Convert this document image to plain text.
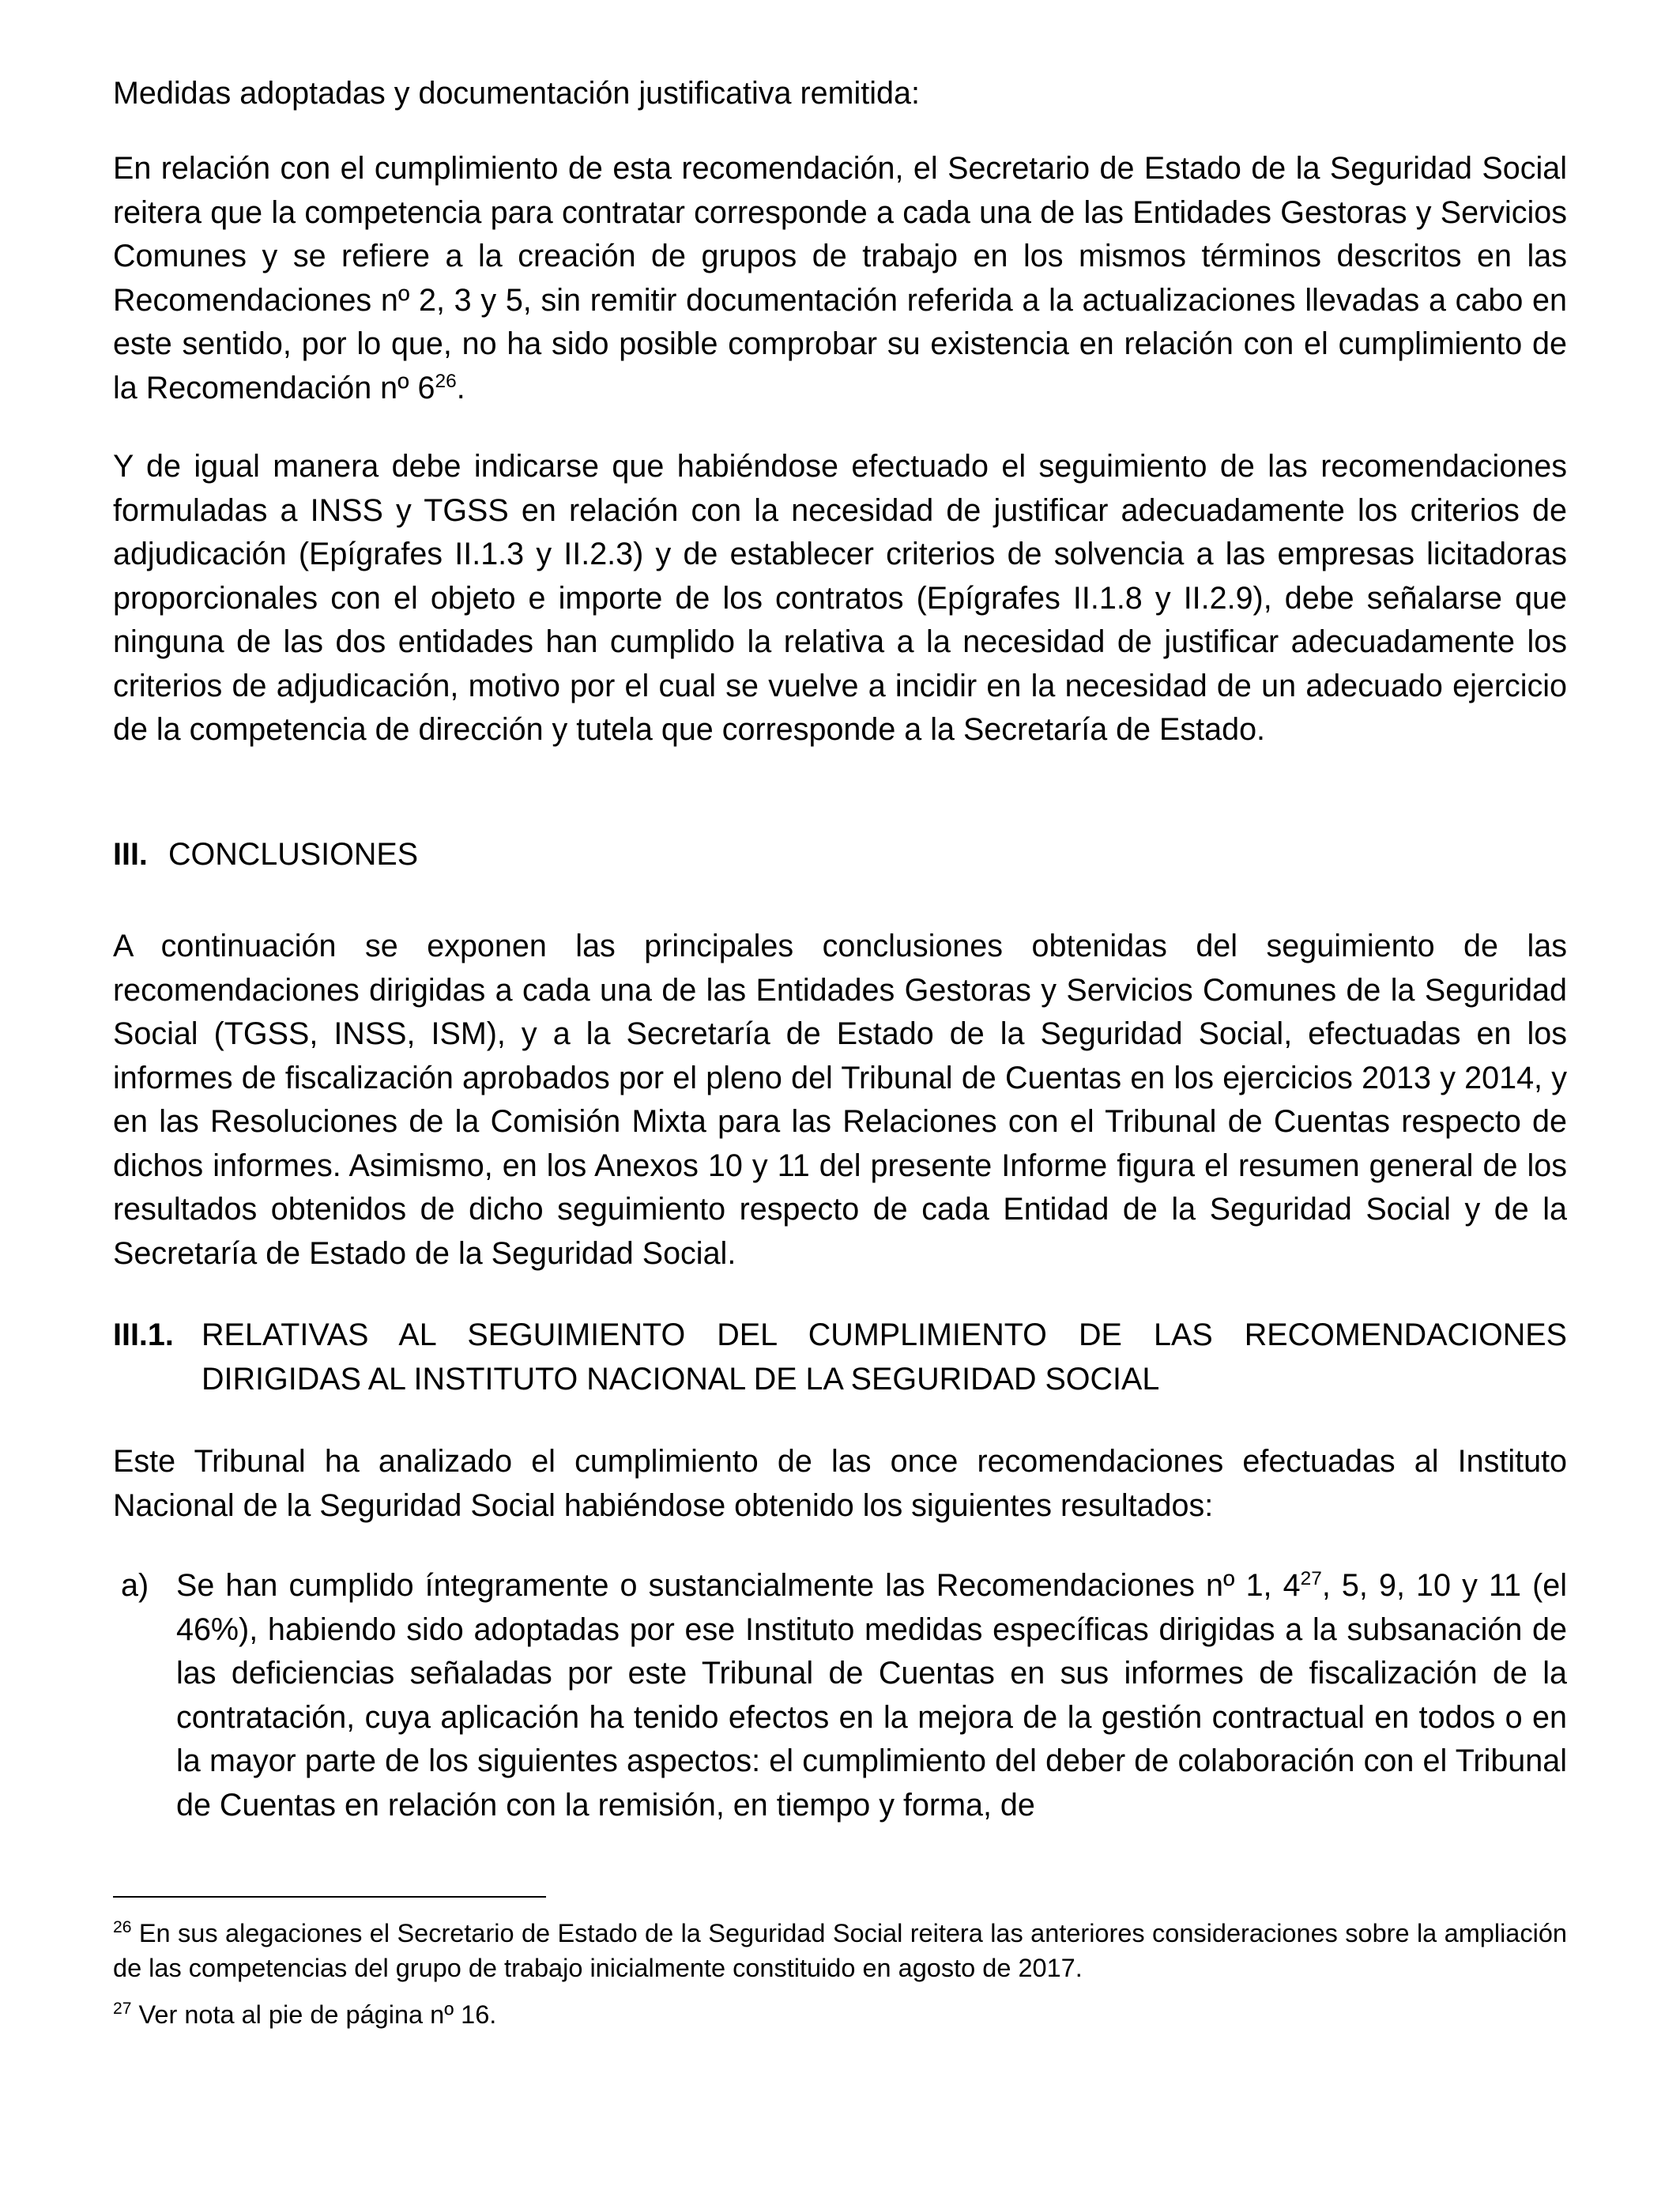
Medidas adoptadas y documentación justificativa remitida:

En relación con el cumplimiento de esta recomendación, el Secretario de Estado de la Seguridad Social reitera que la competencia para contratar corresponde a cada una de las Entidades Gestoras y Servicios Comunes y se refiere a la creación de grupos de trabajo en los mismos términos descritos en las Recomendaciones nº 2, 3 y 5, sin remitir documentación referida a la actualizaciones llevadas a cabo en este sentido, por lo que, no ha sido posible comprobar su existencia en relación con el cumplimiento de la Recomendación nº $6^{26}$.

Y de igual manera debe indicarse que habiéndose efectuado el seguimiento de las recomendaciones formuladas a INSS y TGSS en relación con la necesidad de justificar adecuadamente los criterios de adjudicación (Epígrafes II.1.3 y II.2.3) y de establecer criterios de solvencia a las empresas licitadoras proporcionales con el objeto e importe de los contratos (Epígrafes II.1.8 y II.2.9), debe señalarse que ninguna de las dos entidades han cumplido la relativa a la necesidad de justificar adecuadamente los criterios de adjudicación, motivo por el cual se vuelve a incidir en la necesidad de un adecuado ejercicio de la competencia de dirección y tutela que corresponde a la Secretaría de Estado.

III. CONCLUSIONES

A continuación se exponen las principales conclusiones obtenidas del seguimiento de las recomendaciones dirigidas a cada una de las Entidades Gestoras y Servicios Comunes de la Seguridad Social (TGSS, INSS, ISM), y a la Secretaría de Estado de la Seguridad Social, efectuadas en los informes de fiscalización aprobados por el pleno del Tribunal de Cuentas en los ejercicios 2013 y 2014, y en las Resoluciones de la Comisión Mixta para las Relaciones con el Tribunal de Cuentas respecto de dichos informes. Asimismo, en los Anexos 10 y 11 del presente Informe figura el resumen general de los resultados obtenidos de dicho seguimiento respecto de cada Entidad de la Seguridad Social y de la Secretaría de Estado de la Seguridad Social.

III.1. RELATIVAS AL SEGUIMIENTO DEL CUMPLIMIENTO DE LAS RECOMENDACIONES DIRIGIDAS AL INSTITUTO NACIONAL DE LA SEGURIDAD SOCIAL

Este Tribunal ha analizado el cumplimiento de las once recomendaciones efectuadas al Instituto Nacional de la Seguridad Social habiéndose obtenido los siguientes resultados:

a) Se han cumplido íntegramente o sustancialmente las Recomendaciones nº 1, $4^{27}$, 5, 9, 10 y 11 (el 46%), habiendo sido adoptadas por ese Instituto medidas específicas dirigidas a la subsanación de las deficiencias señaladas por este Tribunal de Cuentas en sus informes de fiscalización de la contratación, cuya aplicación ha tenido efectos en la mejora de la gestión contractual en todos o en la mayor parte de los siguientes aspectos: el cumplimiento del deber de colaboración con el Tribunal de Cuentas en relación con la remisión, en tiempo y forma, de

$^{26}$ En sus alegaciones el Secretario de Estado de la Seguridad Social reitera las anteriores consideraciones sobre la ampliación de las competencias del grupo de trabajo inicialmente constituido en agosto de 2017.

$^{27}$ Ver nota al pie de página nº 16.
